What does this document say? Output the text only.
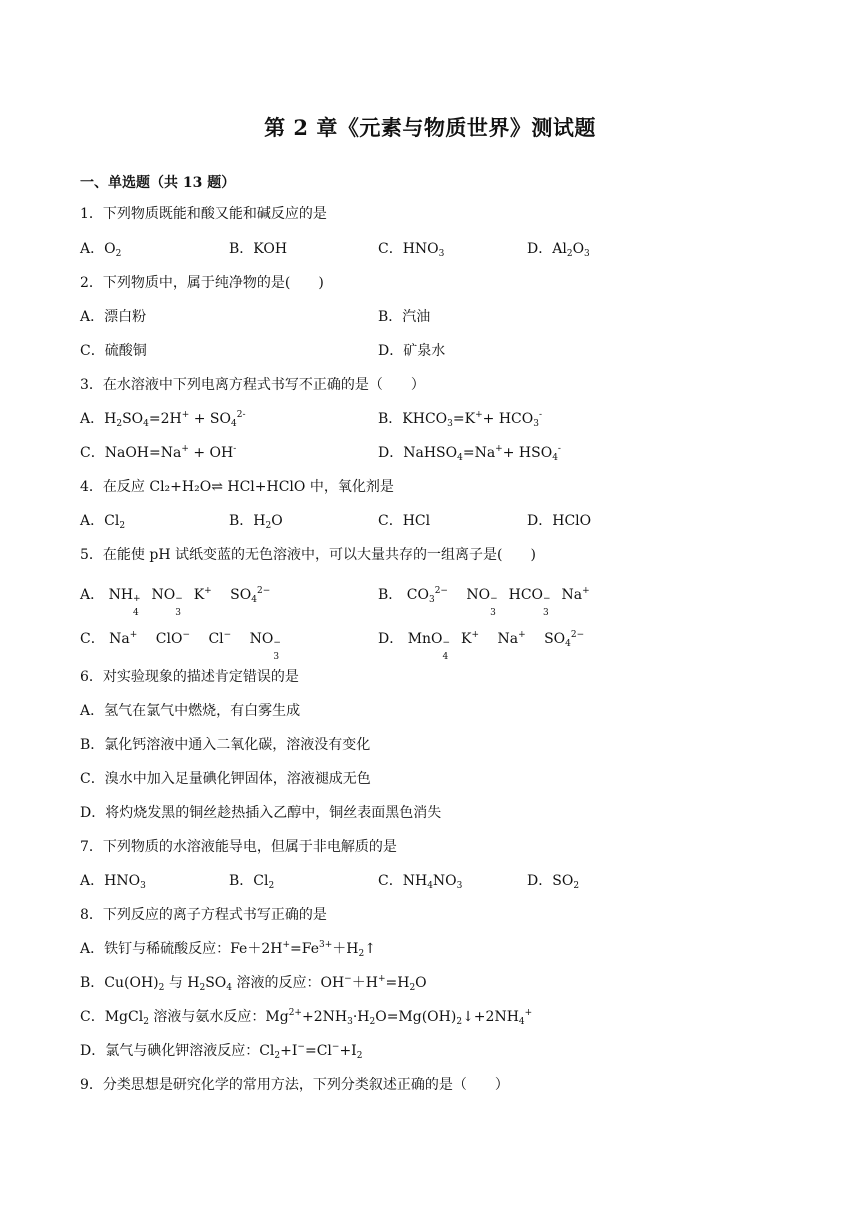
第 2 章《元素与物质世界》测试题
一、单选题（共 13 题）
1．下列物质既能和酸又能和碱反应的是
A．$O_2$	B．KOH	C．$HNO_3$	D．$Al_2O_3$
2．下列物质中，属于纯净物的是(　　)
A．漂白粉	B．汽油
C．硫酸铜	D．矿泉水
3．在水溶液中下列电离方程式书写不正确的是（　　）
A．$H_2SO_4=2H^+ + SO_4^{2-}$	B．$KHCO_3=K^++ HCO_3^-$
C．NaOH=Na+ + OH-	D．NaHSO$_4$=Na++ $HSO_4^-$
4．在反应 Cl₂+H₂O⇌ HCl+HClO 中，氧化剂是
A．$Cl_2$	B．$H_2O$	C．HCl	D．HClO
5．在能使 pH 试纸变蓝的无色溶液中，可以大量共存的一组离子是(　　)
A． NH +
4
NO −
3
K+ $SO_4^{2-}$	B． $CO_3^{2-}$ NO −
3
HCO −
3
Na+
C． Na+ ClO− Cl− NO −
3
D． MnO −
4
K+ Na+ $SO_4^{2-}$
6．对实验现象的描述肯定错误的是
A．氢气在氯气中燃烧，有白雾生成
B．氯化钙溶液中通入二氧化碳，溶液没有变化
C．溴水中加入足量碘化钾固体，溶液褪成无色
D．将灼烧发黑的铜丝趁热插入乙醇中，铜丝表面黑色消失
7．下列物质的水溶液能导电，但属于非电解质的是
A．$HNO_3$	B．$Cl_2$	C．$NH_4NO_3$	D．$SO_2$
8．下列反应的离子方程式书写正确的是
A．铁钉与稀硫酸反应：$Fe+2H^+=Fe^{3+}+H_2↑$
B．$Cu(OH)_2$ 与 $H_2SO_4$ 溶液的反应：$OH^-+H^+=H_2O$
C．MgCl$_2$ 溶液与氨水反应：$Mg^{2+}+2NH_3\cdot H_2O=Mg(OH)_2↓+2NH_4^+$
D．氯气与碘化钾溶液反应：$Cl_2+I^-=Cl^-+I_2$
9．分类思想是研究化学的常用方法，下列分类叙述正确的是（　　）
